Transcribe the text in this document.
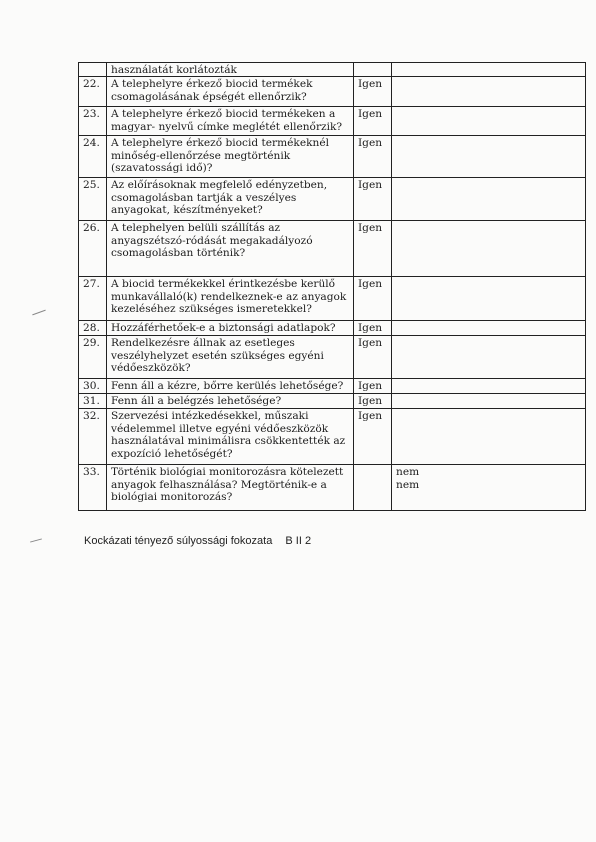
	használatát korlátozták		
22.	A telephelyre érkező biocid termékek csomagolásának épségét ellenőrzik?	Igen	
23.	A telephelyre érkező biocid termékeken a magyar- nyelvű címke meglétét ellenőrzik?	Igen	
24.	A telephelyre érkező biocid termékeknél minőség-ellenőrzése megtörténik (szavatossági idő)?	Igen	
25.	Az előírásoknak megfelelő edényzetben, csomagolásban tartják a veszélyes anyagokat, készítményeket?	Igen	
26.	A telephelyen belüli szállítás az anyagszétszó-ródását megakadályozó csomagolásban történik?	Igen	
27.	A biocid termékekkel érintkezésbe kerülő munkavállaló(k) rendelkeznek-e az anyagok kezeléséhez szükséges ismeretekkel?	Igen	
28.	Hozzáférhetőek-e a biztonsági adatlapok?	Igen	
29.	Rendelkezésre állnak az esetleges veszélyhelyzet esetén szükséges egyéni védőeszközök?	Igen	
30.	Fenn áll a kézre, bőrre kerülés lehetősége?	Igen	
31.	Fenn áll a belégzés lehetősége?	Igen	
32.	Szervezési intézkedésekkel, műszaki védelemmel illetve egyéni védőeszközök használatával minimálisra csökkentették az expozíció lehetőségét?	Igen	
33.	Történik biológiai monitorozásra kötelezett anyagok felhasználása? Megtörténik-e a biológiai monitorozás?		nem
nem
Kockázati tényező súlyossági fokozata B II 2
